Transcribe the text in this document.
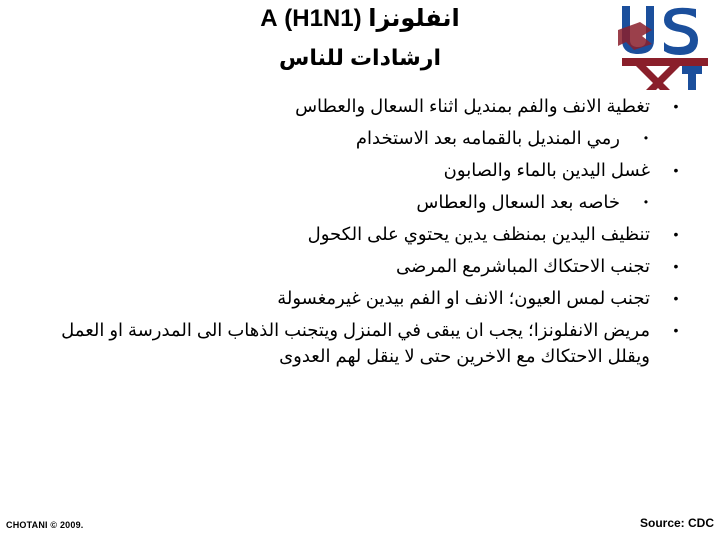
انفلونزا (H1N1) A
ارشادات للناس
•
تغطية الانف والفم بمنديل اثناء السعال والعطاس
•
رمي المنديل بالقمامه بعد الاستخدام
•
غسل اليدين بالماء والصابون
•
خاصه بعد السعال والعطاس
•
تنظيف اليدين بمنظف يدين يحتوي على الكحول
•
تجنب الاحتكاك المباشرمع المرضى
•
تجنب لمس العيون؛ الانف او الفم بيدين غيرمغسولة
•
مريض الانفلونزا؛ يجب ان يبقى في المنزل ويتجنب الذهاب الى المدرسة او العمل ويقلل الاحتكاك مع الاخرين حتى لا ينقل لهم العدوى
CHOTANI © 2009.	Source: CDC
